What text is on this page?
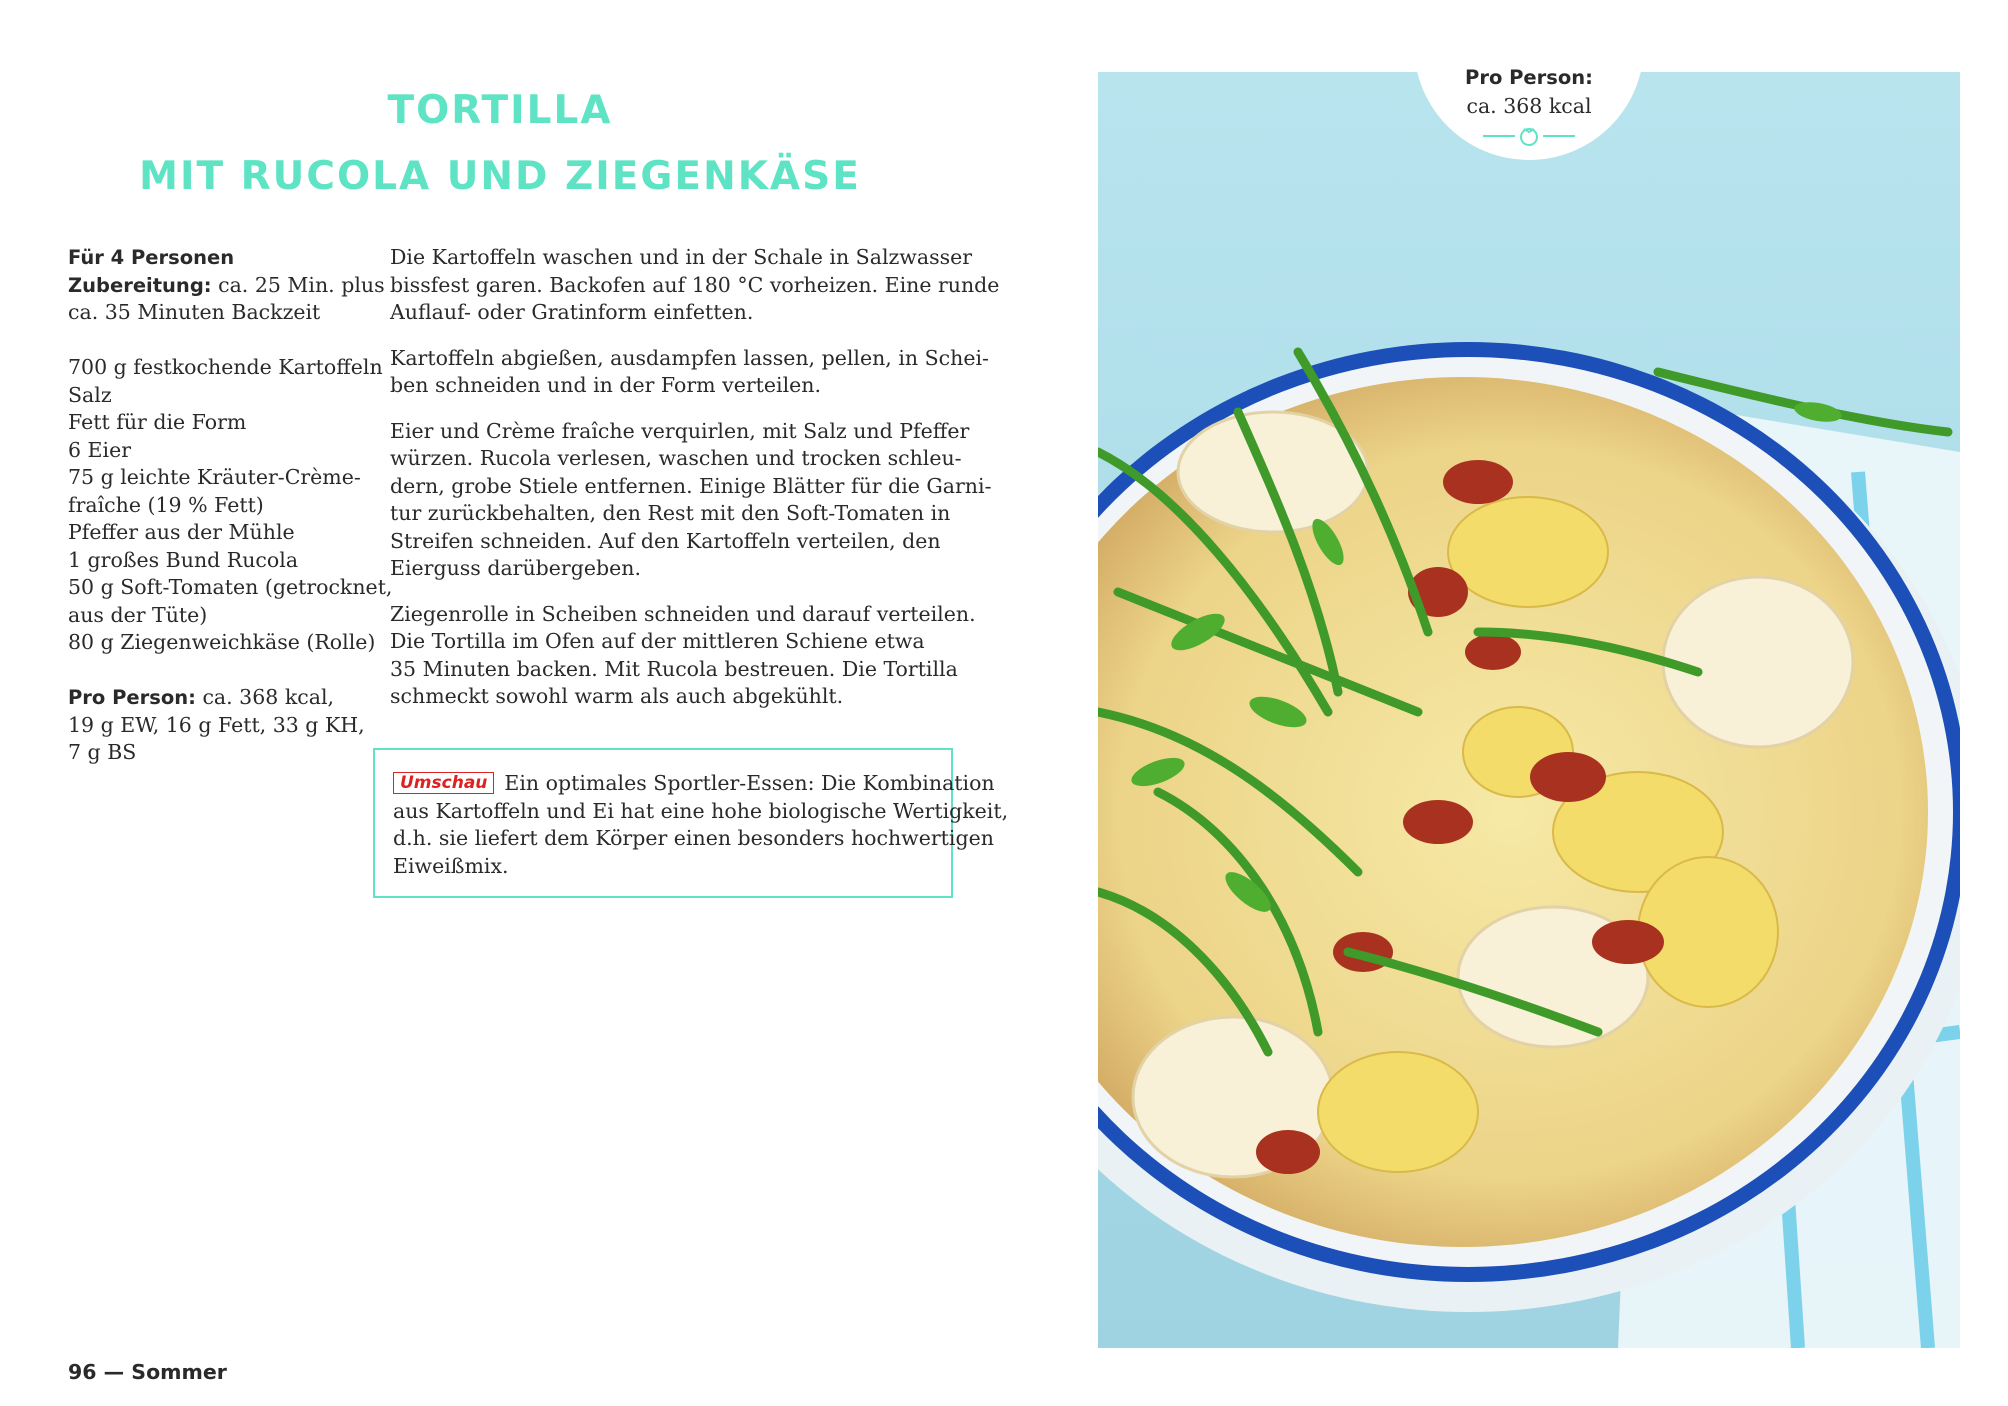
TORTILLA
MIT RUCOLA UND ZIEGENKÄSE
Für 4 Personen
Zubereitung: ca. 25 Min. plus
ca. 35 Minuten Backzeit
700 g festkochende Kartoffeln
Salz
Fett für die Form
6 Eier
75 g leichte Kräuter-Crème-
fraîche (19 % Fett)
Pfeffer aus der Mühle
1 großes Bund Rucola
50 g Soft-Tomaten (getrocknet,
aus der Tüte)
80 g Ziegenweichkäse (Rolle)
Pro Person: ca. 368 kcal,
19 g EW, 16 g Fett, 33 g KH,
7 g BS

Die Kartoffeln waschen und in der Schale in Salzwasser
bissfest garen. Backofen auf 180 °C vorheizen. Eine runde
Auflauf- oder Gratinform einfetten.

Kartoffeln abgießen, ausdampfen lassen, pellen, in Schei-
ben schneiden und in der Form verteilen.

Eier und Crème fraîche verquirlen, mit Salz und Pfeffer
würzen. Rucola verlesen, waschen und trocken schleu-
dern, grobe Stiele entfernen. Einige Blätter für die Garni-
tur zurückbehalten, den Rest mit den Soft-Tomaten in
Streifen schneiden. Auf den Kartoffeln verteilen, den
Eierguss darübergeben.

Ziegenrolle in Scheiben schneiden und darauf verteilen.
Die Tortilla im Ofen auf der mittleren Schiene etwa
35 Minuten backen. Mit Rucola bestreuen. Die Tortilla
schmeckt sowohl warm als auch abgekühlt.

Umschau Ein optimales Sportler-Essen: Die Kombination
aus Kartoffeln und Ei hat eine hohe biologische Wertigkeit,
d.h. sie liefert dem Körper einen besonders hochwertigen
Eiweißmix.
96 — Sommer
Pro Person:
ca. 368 kcal
